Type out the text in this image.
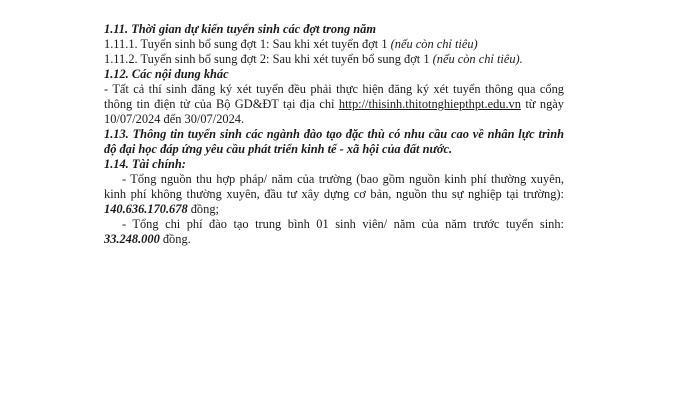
1.11. Thời gian dự kiến tuyển sinh các đợt trong năm
1.11.1. Tuyển sinh bổ sung đợt 1: Sau khi xét tuyển đợt 1 (nếu còn chỉ tiêu)
1.11.2. Tuyển sinh bổ sung đợt 2: Sau khi xét tuyển bổ sung đợt 1 (nếu còn chỉ tiêu).
1.12. Các nội dung khác
- Tất cả thí sinh đăng ký xét tuyển đều phải thực hiện đăng ký xét tuyển thông qua cổng thông tin điện tử của Bộ GD&ĐT tại địa chỉ http://thisinh.thitotnghiepthpt.edu.vn từ ngày 10/07/2024 đến 30/07/2024.
1.13. Thông tin tuyển sinh các ngành đào tạo đặc thù có nhu cầu cao về nhân lực trình độ đại học đáp ứng yêu cầu phát triển kinh tế - xã hội của đất nước.
1.14. Tài chính:
- Tổng nguồn thu hợp pháp/ năm của trường (bao gồm nguồn kinh phí thường xuyên, kinh phí không thường xuyên, đầu tư xây dựng cơ bản, nguồn thu sự nghiệp tại trường): 140.636.170.678 đồng;
- Tổng chi phí đào tạo trung bình 01 sinh viên/ năm của năm trước tuyển sinh: 33.248.000 đồng.
